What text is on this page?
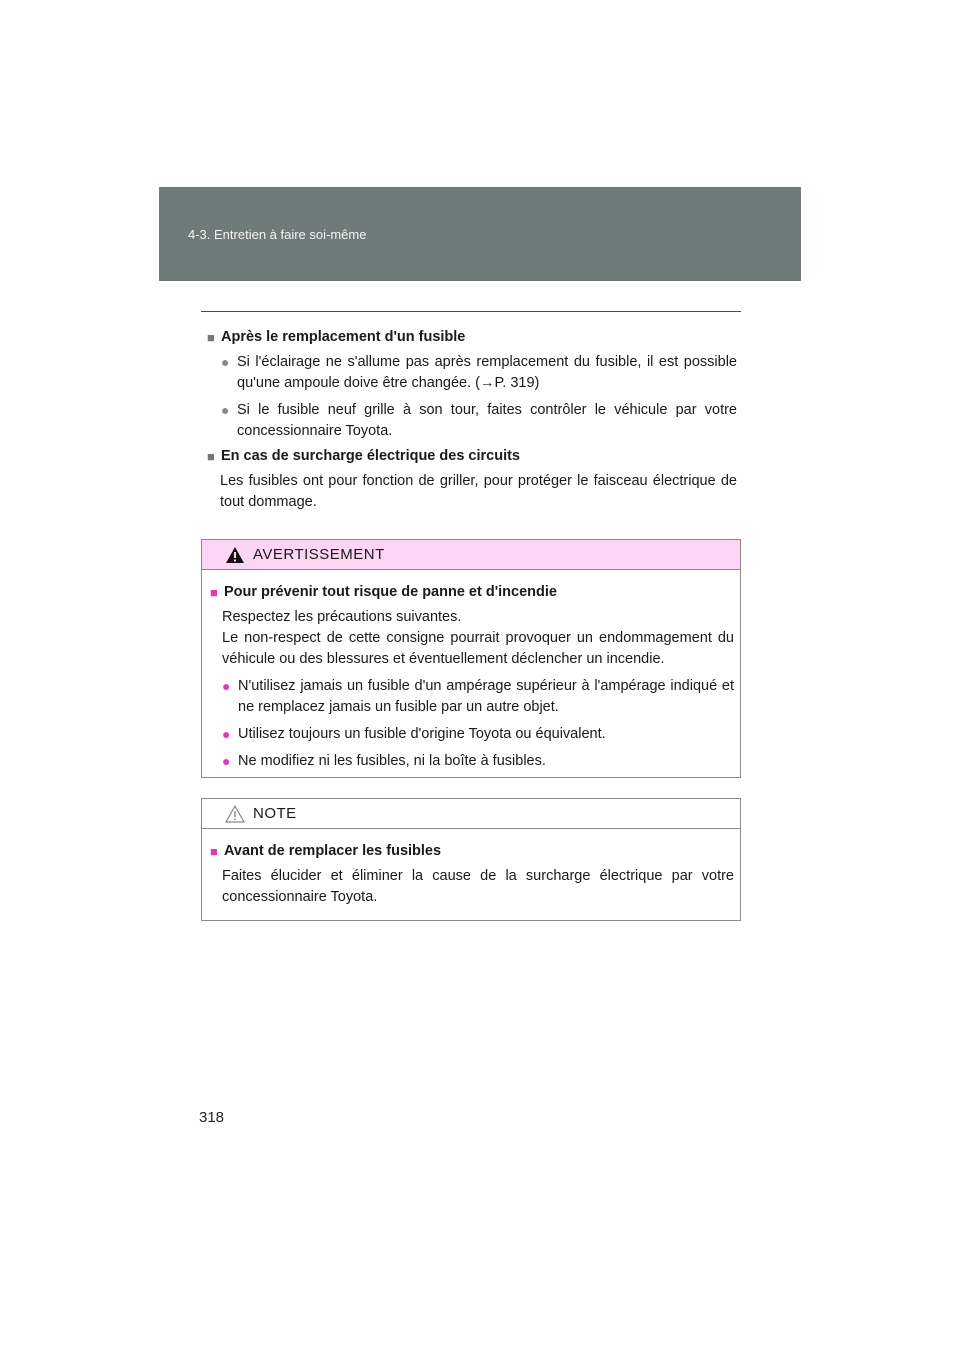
4-3. Entretien à faire soi-même

■ Après le remplacement d'un fusible

● Si l'éclairage ne s'allume pas après remplacement du fusible, il est possible qu'une ampoule doive être changée. (→P. 319)
● Si le fusible neuf grille à son tour, faites contrôler le véhicule par votre concessionnaire Toyota.

■ En cas de surcharge électrique des circuits

Les fusibles ont pour fonction de griller, pour protéger le faisceau électrique de tout dommage.
AVERTISSEMENT

■ Pour prévenir tout risque de panne et d'incendie

Respectez les précautions suivantes.
Le non-respect de cette consigne pourrait provoquer un endommagement du véhicule ou des blessures et éventuellement déclencher un incendie.
● N'utilisez jamais un fusible d'un ampérage supérieur à l'ampérage indiqué et ne remplacez jamais un fusible par un autre objet.
● Utilisez toujours un fusible d'origine Toyota ou équivalent.
● Ne modifiez ni les fusibles, ni la boîte à fusibles.
NOTE

■ Avant de remplacer les fusibles

Faites élucider et éliminer la cause de la surcharge électrique par votre concessionnaire Toyota.
318
